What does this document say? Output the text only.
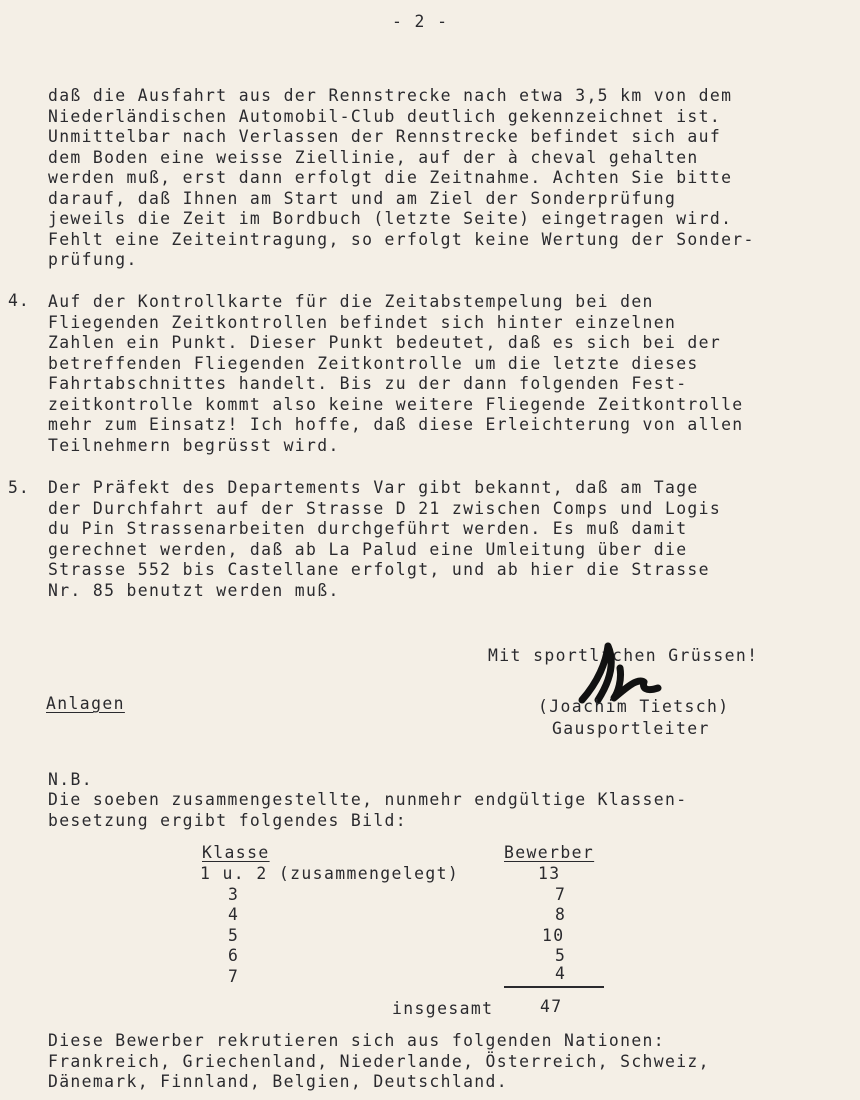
- 2 -
daß die Ausfahrt aus der Rennstrecke nach etwa 3,5 km von dem
Niederländischen Automobil-Club deutlich gekennzeichnet ist.
Unmittelbar nach Verlassen der Rennstrecke befindet sich auf
dem Boden eine weisse Ziellinie, auf der à cheval gehalten
werden muß, erst dann erfolgt die Zeitnahme. Achten Sie bitte
darauf, daß Ihnen am Start und am Ziel der Sonderprüfung
jeweils die Zeit im Bordbuch (letzte Seite) eingetragen wird.
Fehlt eine Zeiteintragung, so erfolgt keine Wertung der Sonder-
prüfung.
4. Auf der Kontrollkarte für die Zeitabstempelung bei den
Fliegenden Zeitkontrollen befindet sich hinter einzelnen
Zahlen ein Punkt. Dieser Punkt bedeutet, daß es sich bei der
betreffenden Fliegenden Zeitkontrolle um die letzte dieses
Fahrtabschnittes handelt. Bis zu der dann folgenden Fest-
zeitkontrolle kommt also keine weitere Fliegende Zeitkontrolle
mehr zum Einsatz! Ich hoffe, daß diese Erleichterung von allen
Teilnehmern begrüsst wird.
5. Der Präfekt des Departements Var gibt bekannt, daß am Tage
der Durchfahrt auf der Strasse D 21 zwischen Comps und Logis
du Pin Strassenarbeiten durchgeführt werden. Es muß damit
gerechnet werden, daß ab La Palud eine Umleitung über die
Strasse 552 bis Castellane erfolgt, und ab hier die Strasse
Nr. 85 benutzt werden muß.
Mit sportlichen Grüssen!
Anlagen	(Joachim Tietsch)
Gausportleiter
N.B.
Die soeben zusammengestellte, nunmehr endgültige Klassen-
besetzung ergibt folgendes Bild:
Klasse	Bewerber
1 u. 2 (zusammengelegt)	13
3	7
4	8
5	10
6	5
7	4
insgesamt	47
Diese Bewerber rekrutieren sich aus folgenden Nationen:
Frankreich, Griechenland, Niederlande, Österreich, Schweiz,
Dänemark, Finnland, Belgien, Deutschland.
